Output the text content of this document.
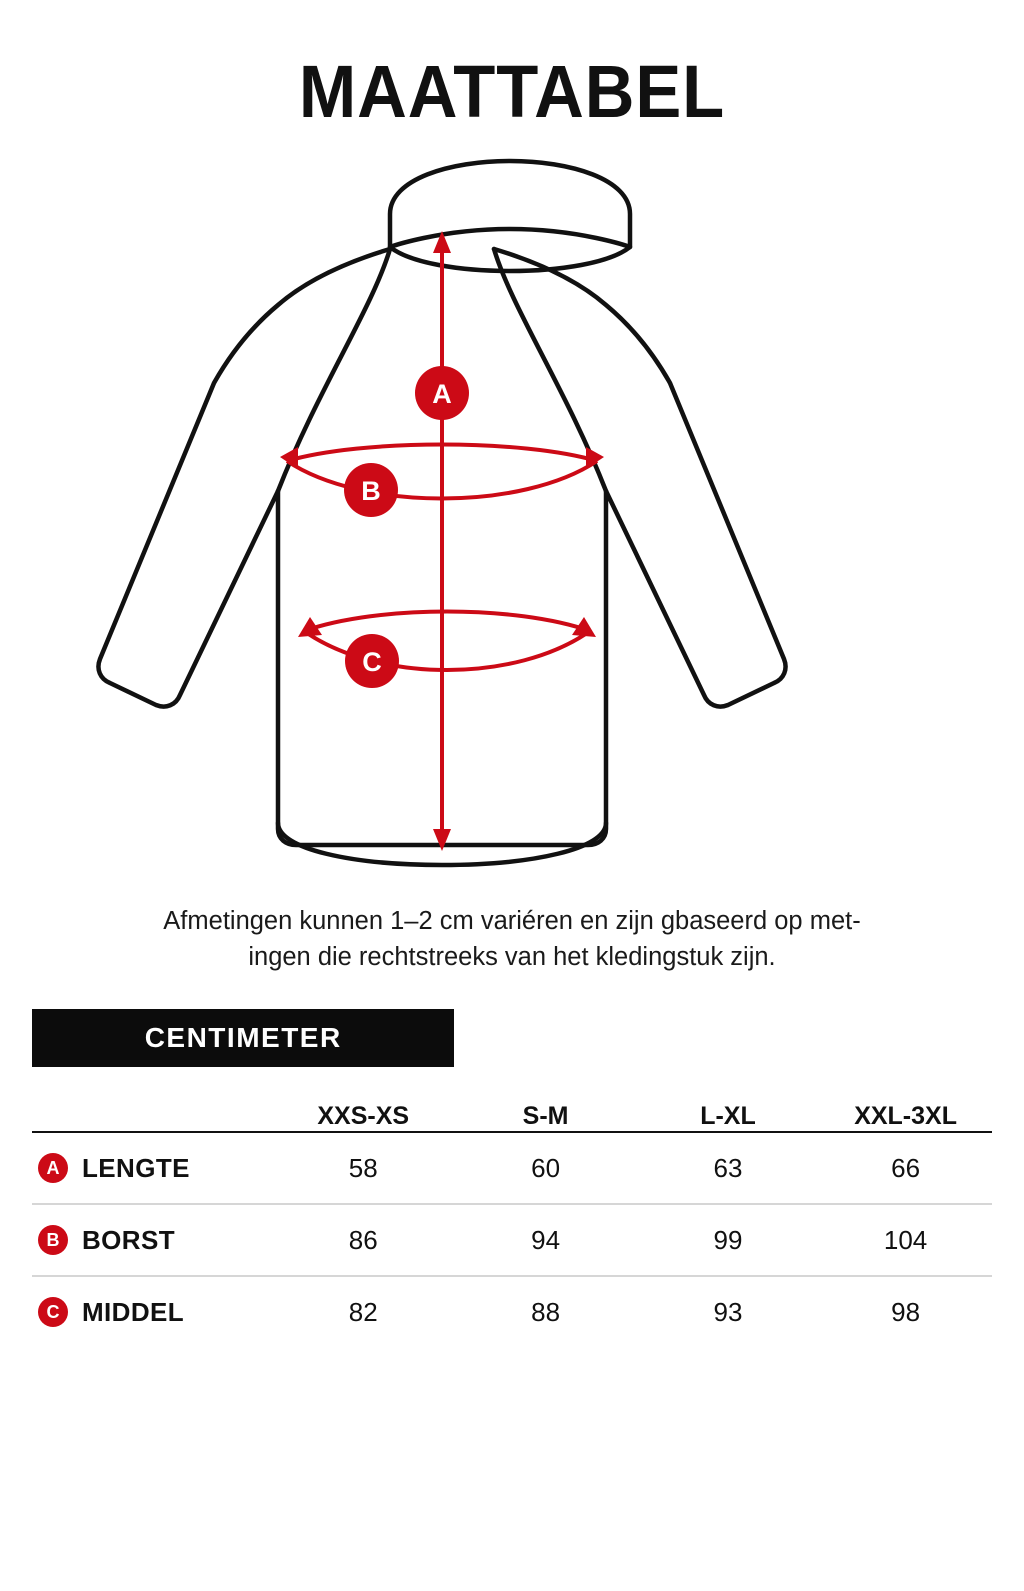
MAATTABEL
A
B
C
Afmetingen kunnen 1–2 cm variéren en zijn gbaseerd op met-
ingen die rechtstreeks van het kledingstuk zijn.
CENTIMETER				
	XXS-XS	S-M	L-XL	XXL-3XL

A LENGTE	58	60	63	66

B BORST	86	94	99	104

C MIDDEL	82	88	93	98
